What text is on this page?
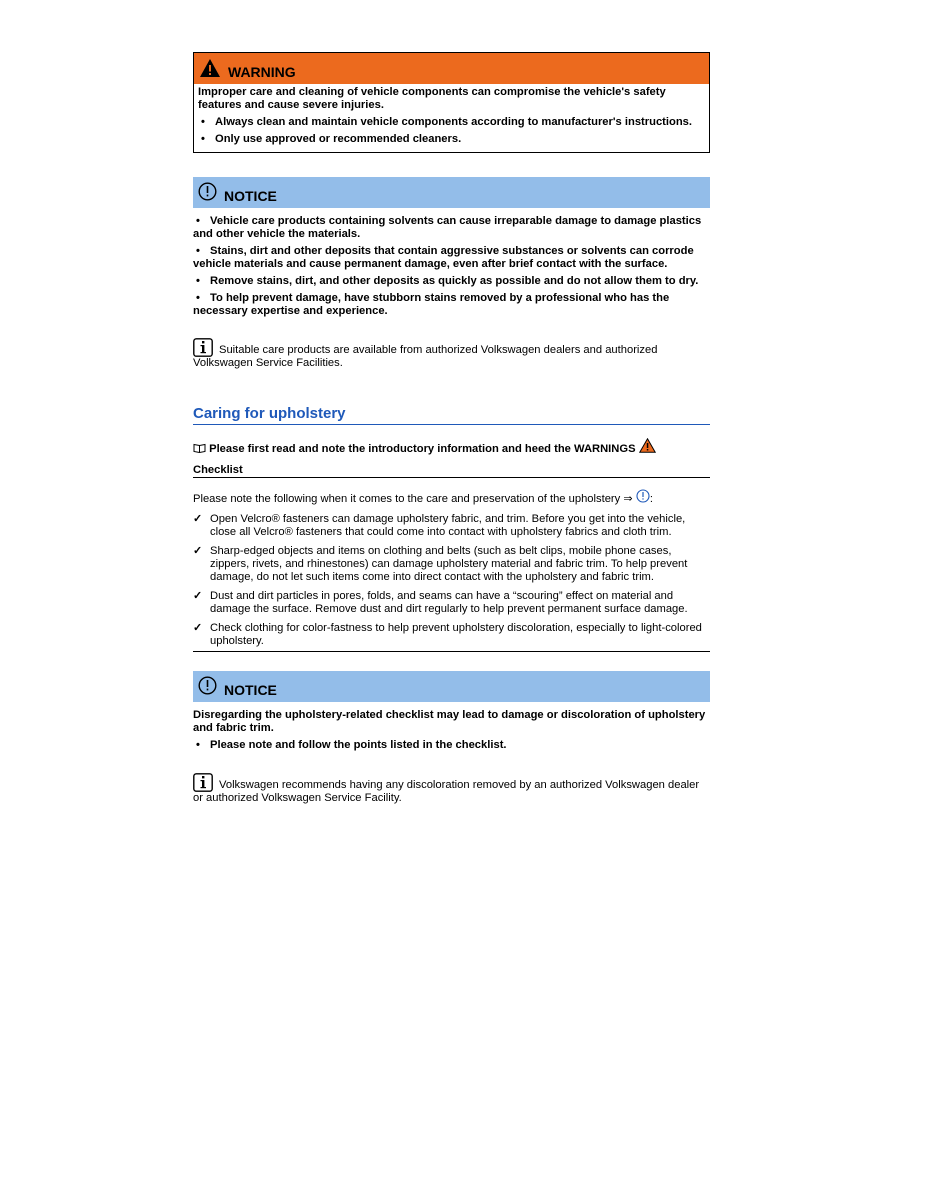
WARNING

Improper care and cleaning of vehicle components can compromise the vehicle's safety features and cause severe injuries.

• Always clean and maintain vehicle components according to manufacturer's instructions.
• Only use approved or recommended cleaners.
NOTICE
• Vehicle care products containing solvents can cause irreparable damage to damage plastics and other vehicle the materials.
• Stains, dirt and other deposits that contain aggressive substances or solvents can corrode vehicle materials and cause permanent damage, even after brief contact with the surface.
• Remove stains, dirt, and other deposits as quickly as possible and do not allow them to dry.
• To help prevent damage, have stubborn stains removed by a professional who has the necessary expertise and experience.
Suitable care products are available from authorized Volkswagen dealers and authorized Volkswagen Service Facilities.
Caring for upholstery
Please first read and note the introductory information and heed the WARNINGS
Checklist
Please note the following when it comes to the care and preservation of the upholstery ⇒ :
✓ Open Velcro® fasteners can damage upholstery fabric, and trim. Before you get into the vehicle, close all Velcro® fasteners that could come into contact with upholstery fabrics and cloth trim.
✓ Sharp-edged objects and items on clothing and belts (such as belt clips, mobile phone cases, zippers, rivets, and rhinestones) can damage upholstery material and fabric trim. To help prevent damage, do not let such items come into direct contact with the upholstery and fabric trim.
✓ Dust and dirt particles in pores, folds, and seams can have a “scouring” effect on material and damage the surface. Remove dust and dirt regularly to help prevent permanent surface damage.
✓ Check clothing for color-fastness to help prevent upholstery discoloration, especially to light-colored upholstery.
NOTICE

Disregarding the upholstery-related checklist may lead to damage or discoloration of upholstery and fabric trim.

• Please note and follow the points listed in the checklist.
Volkswagen recommends having any discoloration removed by an authorized Volkswagen dealer or authorized Volkswagen Service Facility.
